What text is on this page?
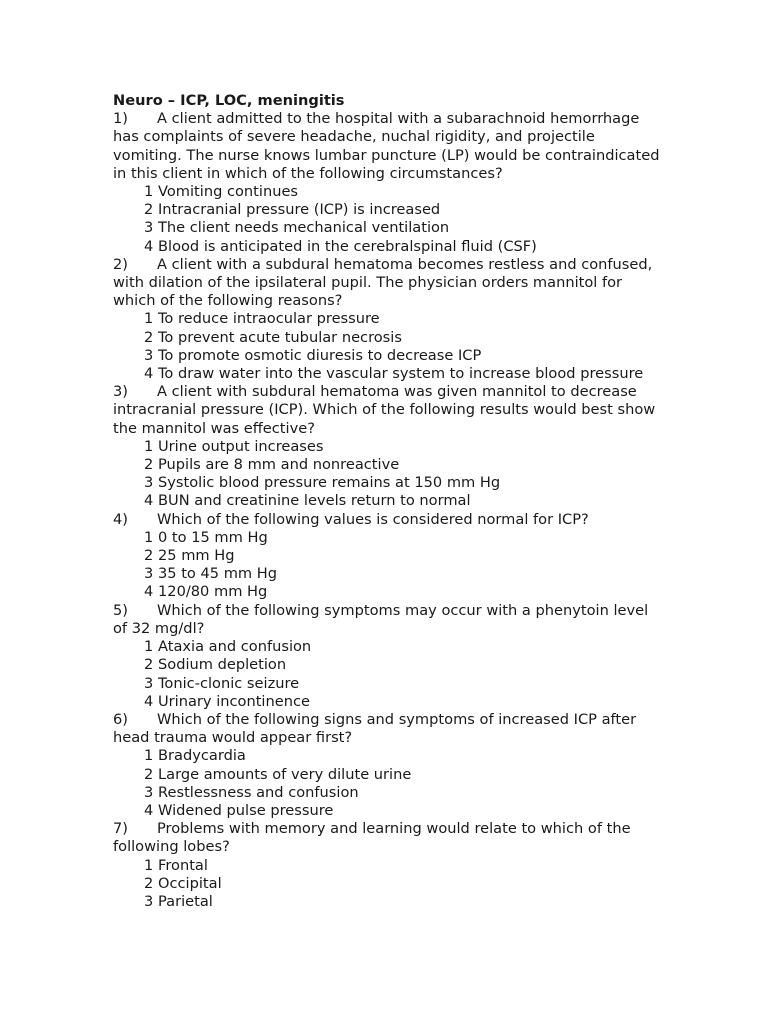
Neuro – ICP, LOC, meningitis

1) A client admitted to the hospital with a subarachnoid hemorrhage has complaints of severe headache, nuchal rigidity, and projectile vomiting. The nurse knows lumbar puncture (LP) would be contraindicated in this client in which of the following circumstances?

1 Vomiting continues
2 Intracranial pressure (ICP) is increased
3 The client needs mechanical ventilation
4 Blood is anticipated in the cerebralspinal fluid (CSF)

2) A client with a subdural hematoma becomes restless and confused, with dilation of the ipsilateral pupil. The physician orders mannitol for which of the following reasons?

1 To reduce intraocular pressure
2 To prevent acute tubular necrosis
3 To promote osmotic diuresis to decrease ICP
4 To draw water into the vascular system to increase blood pressure

3) A client with subdural hematoma was given mannitol to decrease intracranial pressure (ICP). Which of the following results would best show the mannitol was effective?

1 Urine output increases
2 Pupils are 8 mm and nonreactive
3 Systolic blood pressure remains at 150 mm Hg
4 BUN and creatinine levels return to normal

4) Which of the following values is considered normal for ICP?

1 0 to 15 mm Hg
2 25 mm Hg
3 35 to 45 mm Hg
4 120/80 mm Hg

5) Which of the following symptoms may occur with a phenytoin level of 32 mg/dl?

1 Ataxia and confusion
2 Sodium depletion
3 Tonic-clonic seizure
4 Urinary incontinence

6) Which of the following signs and symptoms of increased ICP after head trauma would appear first?

1 Bradycardia
2 Large amounts of very dilute urine
3 Restlessness and confusion
4 Widened pulse pressure

7) Problems with memory and learning would relate to which of the following lobes?

1 Frontal
2 Occipital
3 Parietal
